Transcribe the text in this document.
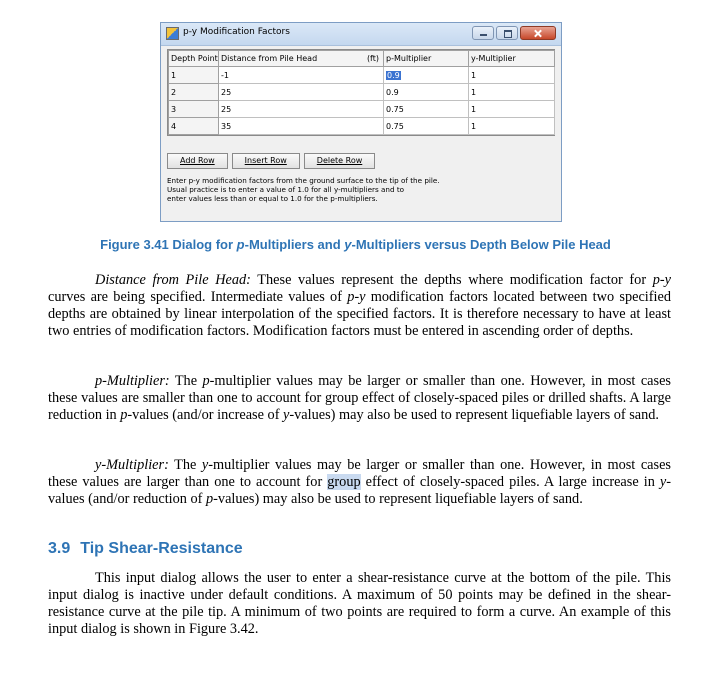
p-y Modification Factors
Depth Point	Distance from Pile Head (ft)	p-Multiplier	y-Multiplier
1	-1	0.9	1
2	25	0.9	1
3	25	0.75	1
4	35	0.75	1
Add Row	Insert Row	Delete Row
Enter p-y modification factors from the ground surface to the tip of the pile.
Usual practice is to enter a value of 1.0 for all y-multipliers and to
enter values less than or equal to 1.0 for the p-multipliers.
Figure 3.41 Dialog for p-Multipliers and y-Multipliers versus Depth Below Pile Head

Distance from Pile Head: These values represent the depths where modification factor for p-y curves are being specified. Intermediate values of p-y modification factors located between two specified depths are obtained by linear interpolation of the specified factors. It is therefore necessary to have at least two entries of modification factors. Modification factors must be entered in ascending order of depths.

p-Multiplier: The p-multiplier values may be larger or smaller than one. However, in most cases these values are smaller than one to account for group effect of closely-spaced piles or drilled shafts. A large reduction in p-values (and/or increase of y-values) may also be used to represent liquefiable layers of sand.

y-Multiplier: The y-multiplier values may be larger or smaller than one. However, in most cases these values are larger than one to account for group effect of closely-spaced piles. A large increase in y-values (and/or reduction of p-values) may also be used to represent liquefiable layers of sand.

3.9 Tip Shear-Resistance

This input dialog allows the user to enter a shear-resistance curve at the bottom of the pile. This input dialog is inactive under default conditions. A maximum of 50 points may be defined in the shear-resistance curve at the pile tip. A minimum of two points are required to form a curve. An example of this input dialog is shown in Figure 3.42.
